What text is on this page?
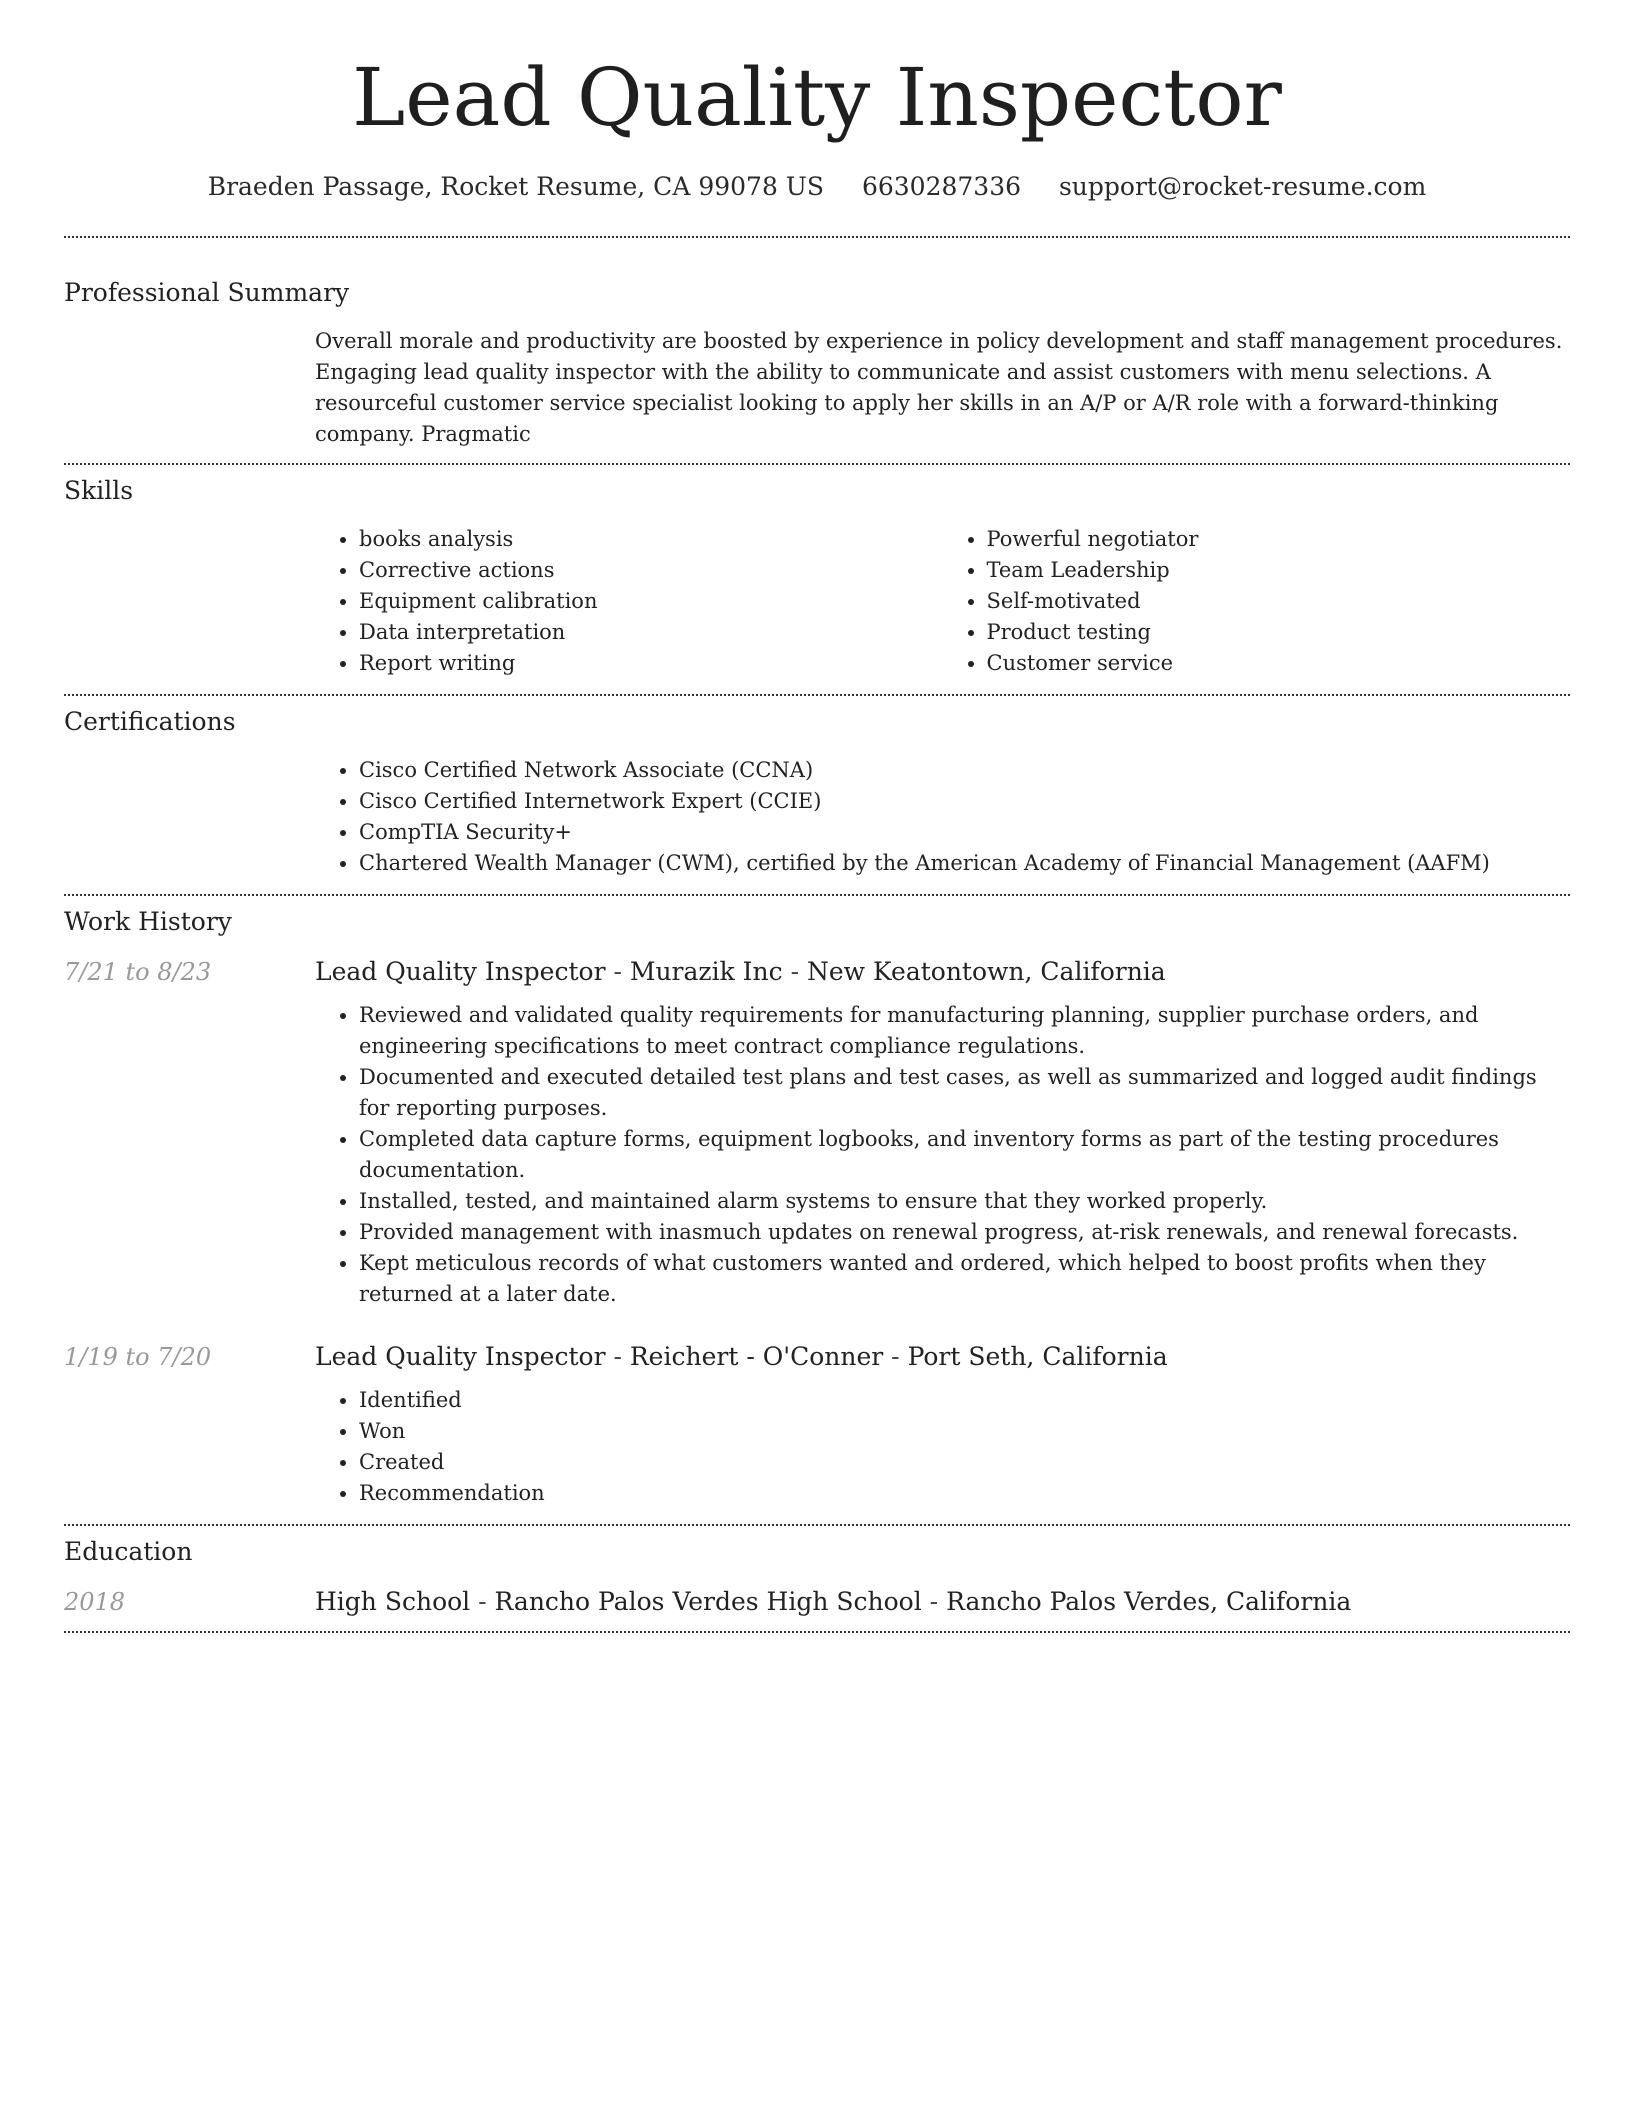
Lead Quality Inspector
Braeden Passage, Rocket Resume, CA 99078 US 6630287336 support@rocket-resume.com
Professional Summary
Overall morale and productivity are boosted by experience in policy development and staff management procedures. Engaging lead quality inspector with the ability to communicate and assist customers with menu selections. A resourceful customer service specialist looking to apply her skills in an A/P or A/R role with a forward-thinking company. Pragmatic
Skills
• books analysis
• Corrective actions
• Equipment calibration
• Data interpretation
• Report writing
• Powerful negotiator
• Team Leadership
• Self-motivated
• Product testing
• Customer service
Certifications
• Cisco Certified Network Associate (CCNA)
• Cisco Certified Internetwork Expert (CCIE)
• CompTIA Security+
• Chartered Wealth Manager (CWM), certified by the American Academy of Financial Management (AAFM)
Work History
7/21 to 8/23	Lead Quality Inspector - Murazik Inc - New Keatontown, California
• Reviewed and validated quality requirements for manufacturing planning, supplier purchase orders, and engineering specifications to meet contract compliance regulations.
• Documented and executed detailed test plans and test cases, as well as summarized and logged audit findings for reporting purposes.
• Completed data capture forms, equipment logbooks, and inventory forms as part of the testing procedures documentation.
• Installed, tested, and maintained alarm systems to ensure that they worked properly.
• Provided management with inasmuch updates on renewal progress, at-risk renewals, and renewal forecasts.
• Kept meticulous records of what customers wanted and ordered, which helped to boost profits when they returned at a later date.
1/19 to 7/20	Lead Quality Inspector - Reichert - O'Conner - Port Seth, California
• Identified
• Won
• Created
• Recommendation
Education
2018	High School - Rancho Palos Verdes High School - Rancho Palos Verdes, California
